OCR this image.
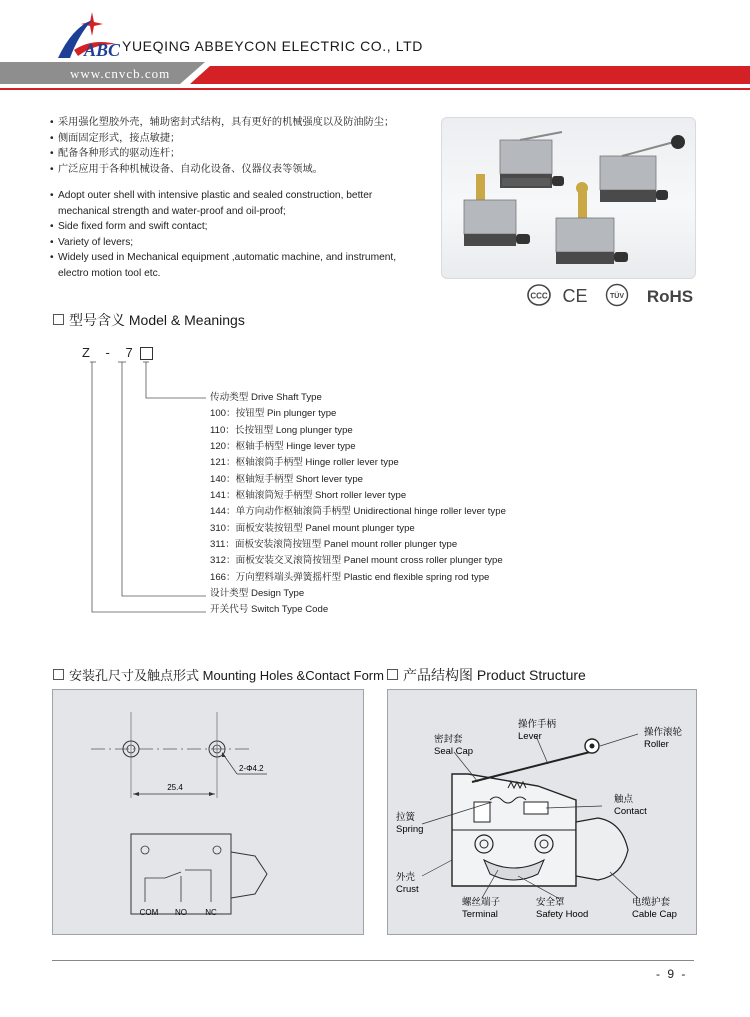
ABC YUEQING ABBEYCON ELECTRIC CO., LTD
www.cnvcb.com
• 采用强化塑胶外壳，辅助密封式结构，具有更好的机械强度以及防油防尘；
• 侧面固定形式，接点敏捷；
• 配备各种形式的驱动连杆；
• 广泛应用于各种机械设备、自动化设备、仪器仪表等领域。
• Adopt outer shell with intensive plastic and sealed construction, better
mechanical strength and water-proof and oil-proof;
• Side fixed form and swift contact;
• Variety of levers;
• Widely used in Mechanical equipment ,automatic machine, and instrument,
electro motion tool etc.
CCC CE	TÜV RoHS
型号含义 Model & Meanings
Z - 7
传动类型 Drive Shaft Type
100：按钮型 Pin plunger type
110：长按钮型 Long plunger type
120：枢轴手柄型 Hinge lever type
121：枢轴滚筒手柄型 Hinge roller lever type
140：枢轴短手柄型 Short lever type
141：枢轴滚筒短手柄型 Short roller lever type
144：单方向动作枢轴滚筒手柄型 Unidirectional hinge roller lever type
310：面板安装按钮型 Panel mount plunger type
311：面板安装滚筒按钮型 Panel mount roller plunger type
312：面板安装交叉滚筒按钮型 Panel mount cross roller plunger type
166：万向塑料端头弹簧摇杆型 Plastic end flexible spring rod type
设计类型 Design Type
开关代号 Switch Type Code
安装孔尺寸及触点形式 Mounting Holes &Contact Form
25.4
2-Φ4.2
COM NO NC
产品结构图 Product Structure
操作手柄 Lever	操作滚轮 Roller
密封套 Seal Cap
触点 Contact
拉簧 Spring
外壳 Crust
螺丝端子 Terminal
安全罩 Safety Hood
电缆护套 Cable Cap
- 9 -
